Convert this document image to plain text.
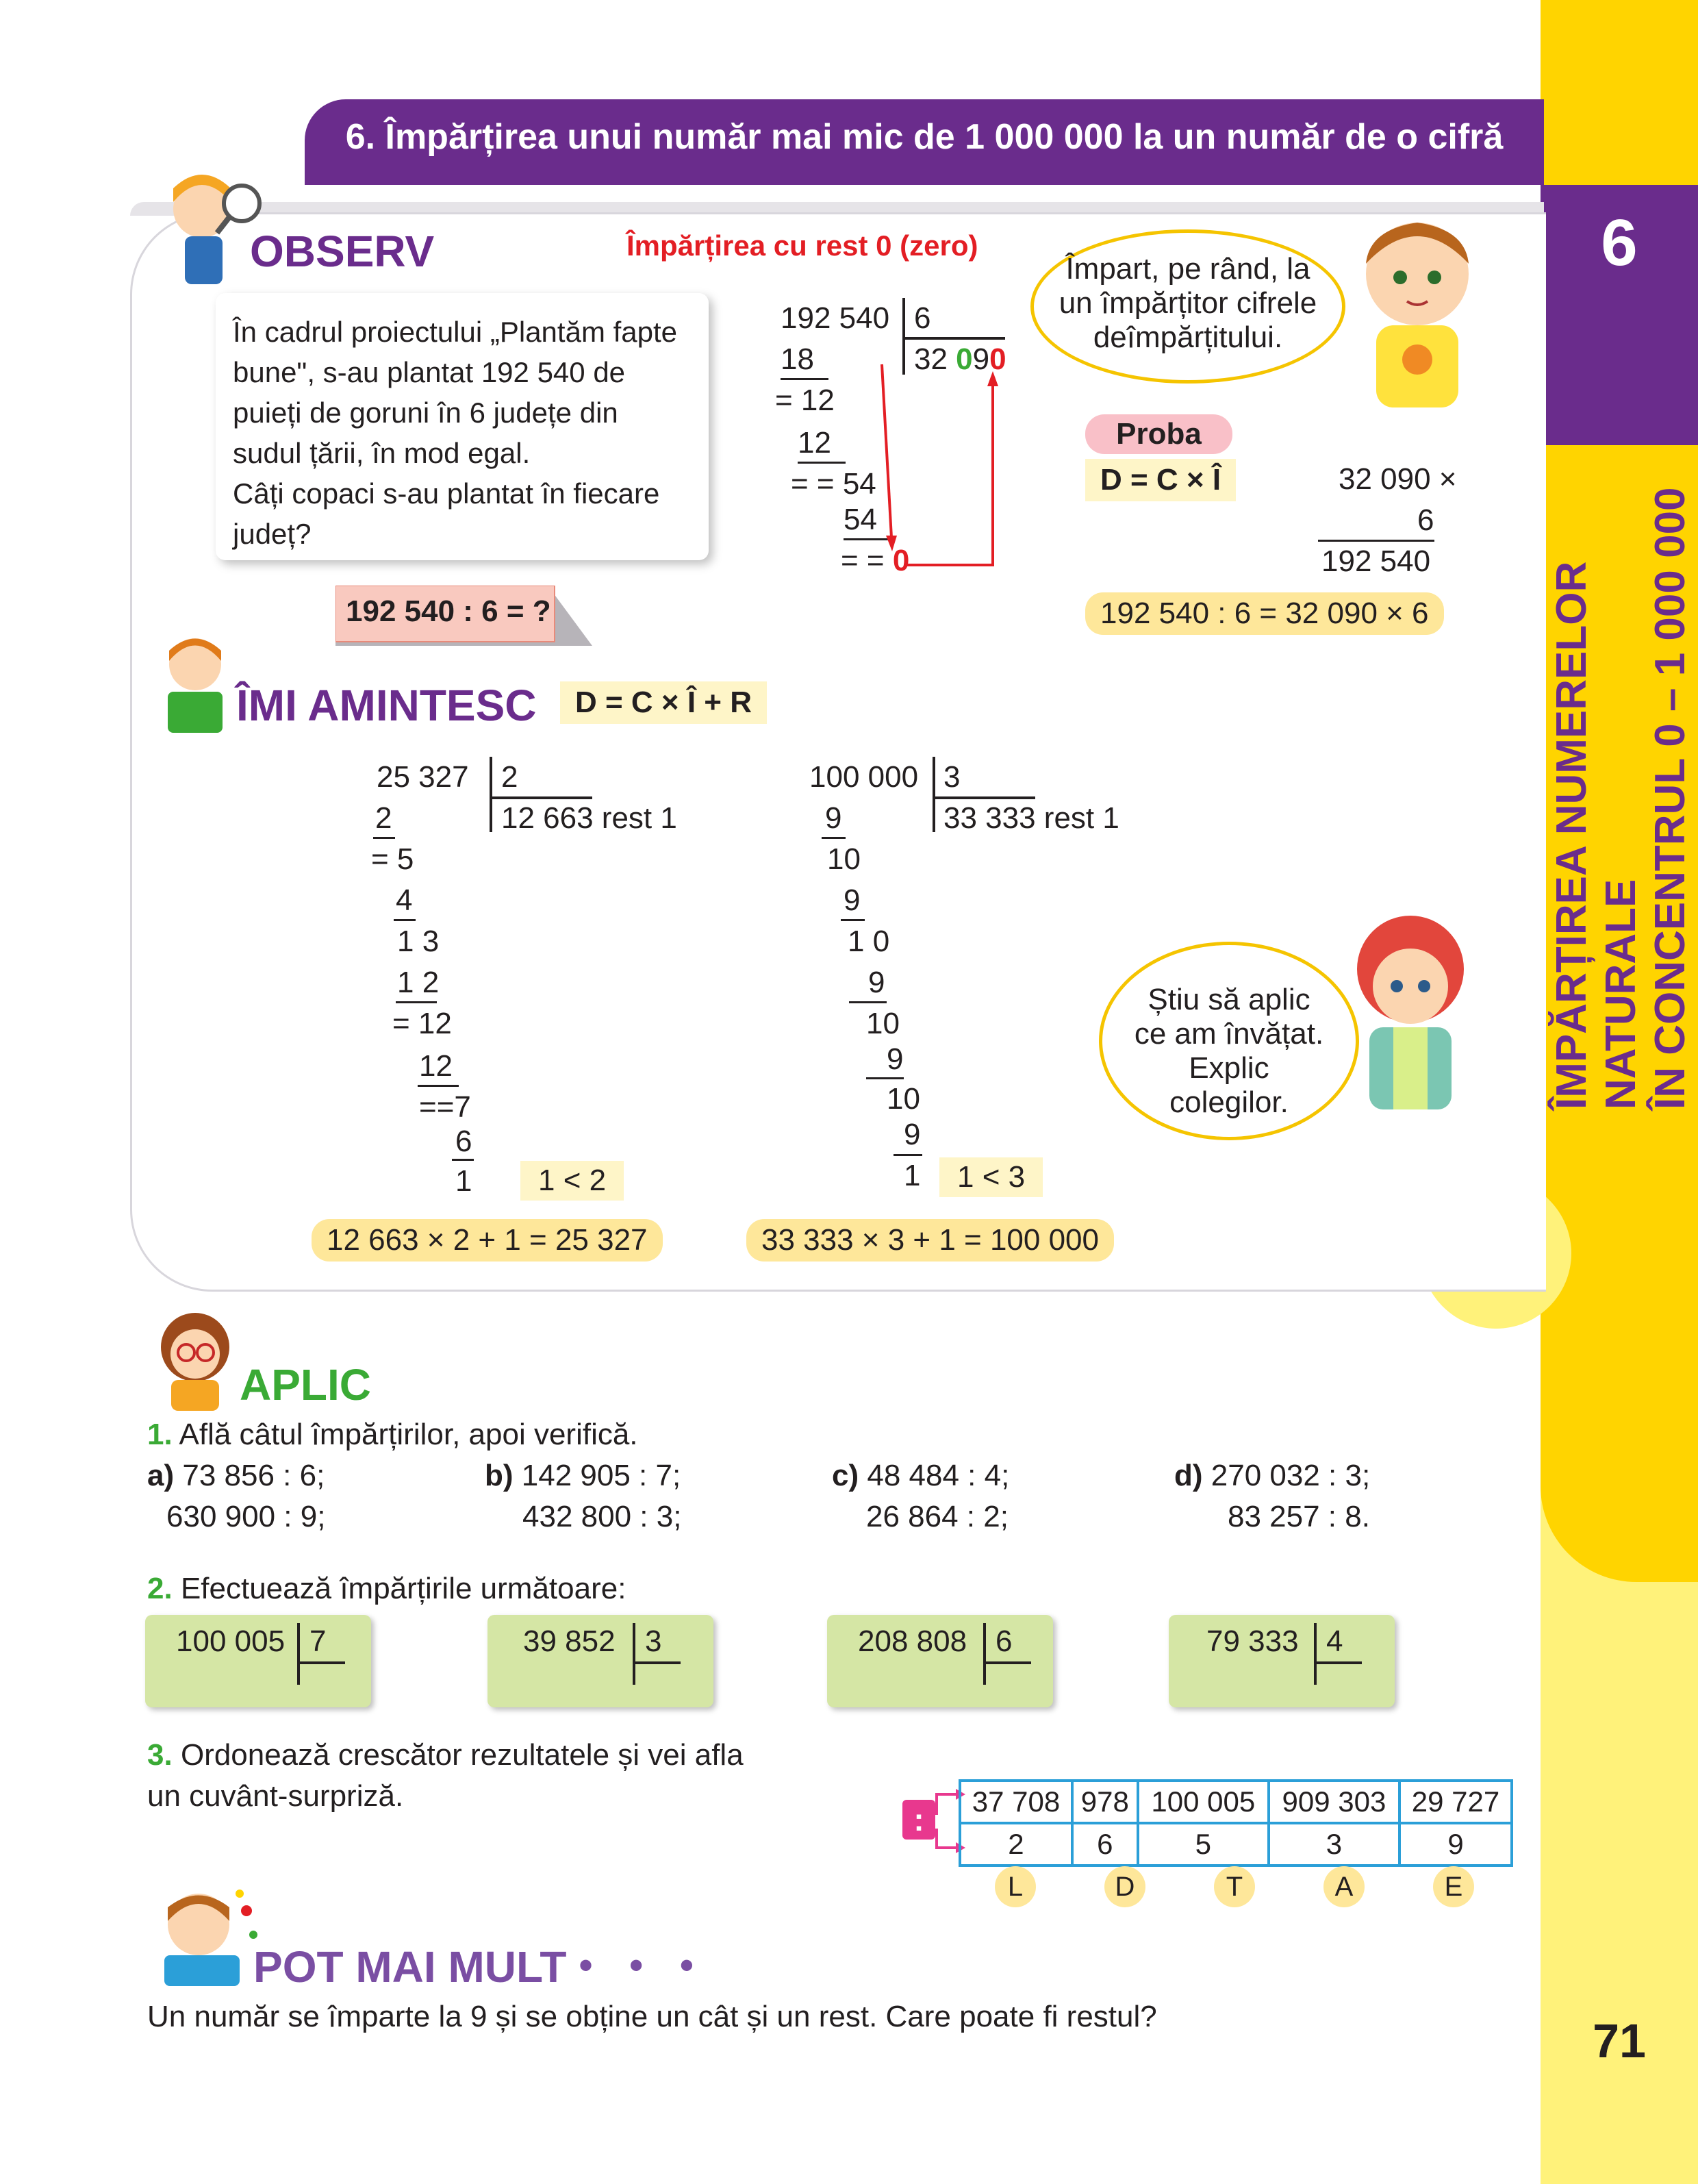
6
ÎMPĂRȚIREA NUMERELOR NATURALE ÎN CONCENTRUL 0 – 1 000 000
71
6. Împărțirea unui număr mai mic de 1 000 000 la un număr de o cifră
OBSERV	Împărțirea cu rest 0 (zero)
În cadrul proiectului „Plantăm fapte
bune", s-au plantat 192 540 de
puieți de goruni în 6 județe din
sudul țării, în mod egal.
Câți copaci s-au plantat în fiecare
județ?
192 540 : 6 = ?
192 540 6
32 090
18
= 12
12
= = 54
54
= = 0
Împart, pe rând, la un împărțitor cifrele deîmpărțitului.
Proba
D = C × Î	32 090 ×
6
192 540
192 540 : 6 = 32 090 × 6
ÎMI AMINTESC	D = C × Î + R
25 327 2
12 663 rest 1
2
= 5
4
1 3
1 2
= 12
12
==7
6
1	1 < 2
12 663 × 2 + 1 = 25 327
100 000 3
33 333 rest 1
9
10
9
1 0
9
10
9
10
9
1	1 < 3
33 333 × 3 + 1 = 100 000
Știu să aplic ce am învățat. Explic colegilor.
APLIC
1. Află câtul împărțirilor, apoi verifică.
a) 73 856 : 6;
630 900 : 9;
b) 142 905 : 7;
432 800 : 3;
c) 48 484 : 4;
26 864 : 2;
d) 270 032 : 3;
83 257 : 8.
2. Efectuează împărțirile următoare:
100 005 7	39 852 3	208 808 6	79 333 4
3. Ordonează crescător rezultatele și vei afla
un cuvânt-surpriză.
:
37 708	978	100 005	909 303	29 727
2	6	5	3	9
L	D	T	A	E
POT MAI MULT • • •
Un număr se împarte la 9 și se obține un cât și un rest. Care poate fi restul?
